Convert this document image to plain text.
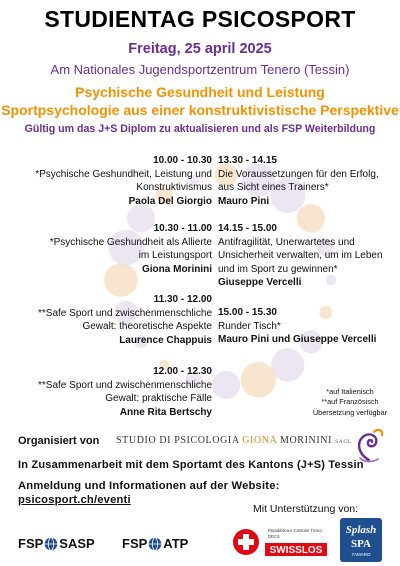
STUDIENTAG PSICOSPORT
Freitag, 25 april 2025
Am Nationales Jugendsportzentrum Tenero (Tessin)
Psychische Gesundheit und Leistung
Sportpsychologie aus einer konstruktivistische Perspektive
Gültig um das J+S Diplom zu aktualisieren und als FSP Weiterbildung
10.00 - 10.30
*Psychische Geshundheit, Leistung und
Konstruktivismus
Paola Del Giorgio
10.30 - 11.00
*Psychische Geshundheit als Allierte
im Leistungsport
Giona Morinini
11.30 - 12.00
**Safe Sport und zwischenmenschliche
Gewalt: theoretische Aspekte
Laurence Chappuis
12.00 - 12.30
**Safe Sport und zwischenmenschliche
Gewalt: praktische Fälle
Anne Rita Bertschy
13.30 - 14.15
Die Voraussetzungen für den Erfolg,
aus Sicht eines Trainers*
Mauro Pini
14.15 - 15.00
Antifragilität, Unerwartetes und
Unsicherheit verwalten, um im Leben
und im Sport zu gewinnen*
Giuseppe Vercelli
15.00 - 15.30
Runder Tisch*
Mauro Pini und Giuseppe Vercelli
*auf Italienisch
**auf Französisch
Übersetzung verfügbar
Organisiert von STUDIO DI PSICOLOGIA GIONA MORININI SAGL
In Zusammenarbeit mit dem Sportamt des Kantons (J+S) Tessin
Anmeldung und Informationen auf der Website:
psicosport.ch/eventi
Mit Unterstützung von:
FSP SASP FSP ATP
Repubblica e Cantone Ticino
DECS
SWISSLOS
Splash
SPA
TAMARO
